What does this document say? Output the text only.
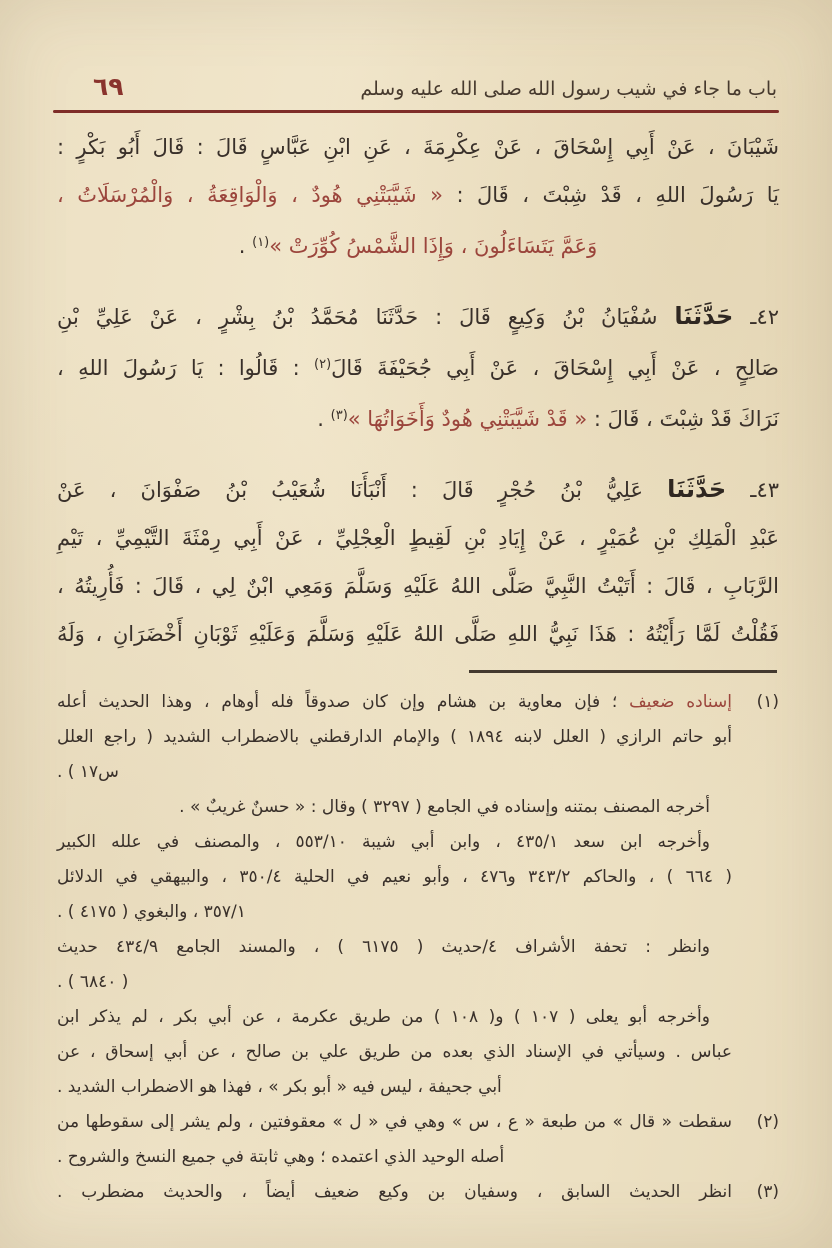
باب ما جاء في شيب رسول الله صلى الله عليه وسلم
٦٩
شَيْبَانَ ، عَنْ أَبِي إِسْحَاقَ ، عَنْ عِكْرِمَةَ ، عَنِ ابْنِ عَبَّاسٍ قَالَ : قَالَ أَبُو بَكْرٍ :
يَا رَسُولَ اللهِ ، قَدْ شِبْتَ ، قَالَ : « شَيَّبَتْنِي هُودٌ ، وَالْوَاقِعَةُ ، وَالْمُرْسَلَاتُ ،
وَعَمَّ يَتَسَاءَلُونَ ، وَإِذَا الشَّمْسُ كُوِّرَتْ »$^{(١)}$ .
٤٢ـ حَدَّثَنَا سُفْيَانُ بْنُ وَكِيعٍ قَالَ : حَدَّثَنَا مُحَمَّدُ بْنُ بِشْرٍ ، عَنْ عَلِيِّ بْنِ
صَالِحٍ ، عَنْ أَبِي إِسْحَاقَ ، عَنْ أَبِي جُحَيْفَةَ قَالَ$^{(٢)}$ : قَالُوا : يَا رَسُولَ اللهِ ،
نَرَاكَ قَدْ شِبْتَ ، قَالَ : « قَدْ شَيَّبَتْنِي هُودٌ وَأَخَوَاتُهَا »$^{(٣)}$ .
٤٣ـ حَدَّثَنَا عَلِيُّ بْنُ حُجْرٍ قَالَ : أَنْبَأَنَا شُعَيْبُ بْنُ صَفْوَانَ ، عَنْ
عَبْدِ الْمَلِكِ بْنِ عُمَيْرٍ ، عَنْ إِيَادِ بْنِ لَقِيطٍ الْعِجْلِيِّ ، عَنْ أَبِي رِمْثَةَ التَّيْمِيِّ ، تَيْمِ
الرَّبَابِ ، قَالَ : أَتَيْتُ النَّبِيَّ صَلَّى اللهُ عَلَيْهِ وَسَلَّمَ وَمَعِي ابْنٌ لِي ، قَالَ : فَأُرِيتُهُ ،
فَقُلْتُ لَمَّا رَأَيْتُهُ : هَذَا نَبِيُّ اللهِ صَلَّى اللهُ عَلَيْهِ وَسَلَّمَ وَعَلَيْهِ ثَوْبَانِ أَخْضَرَانِ ، وَلَهُ
(١)
إسناده ضعيف ؛ فإن معاوية بن هشام وإن كان صدوقاً فله أوهام ، وهذا الحديث أعله
أبو حاتم الرازي ( العلل لابنه ١٨٩٤ ) والإمام الدارقطني بالاضطراب الشديد ( راجع العلل
س١٧ ) .
أخرجه المصنف بمتنه وإسناده في الجامع ( ٣٢٩٧ ) وقال : « حسنٌ غريبٌ » .
وأخرجه ابن سعد ٤٣٥/١ ، وابن أبي شيبة ٥٥٣/١٠ ، والمصنف في علله الكبير
( ٦٦٤ ) ، والحاكم ٣٤٣/٢ و٤٧٦ ، وأبو نعيم في الحلية ٣٥٠/٤ ، والبيهقي في الدلائل
٣٥٧/١ ، والبغوي ( ٤١٧٥ ) .
وانظر : تحفة الأشراف ٤/حديث ( ٦١٧٥ ) ، والمسند الجامع ٤٣٤/٩ حديث
( ٦٨٤٠ ) .
وأخرجه أبو يعلى ( ١٠٧ ) و( ١٠٨ ) من طريق عكرمة ، عن أبي بكر ، لم يذكر ابن
عباس . وسيأتي في الإسناد الذي بعده من طريق علي بن صالح ، عن أبي إسحاق ، عن
أبي جحيفة ، ليس فيه « أبو بكر » ، فهذا هو الاضطراب الشديد .
(٢)
سقطت « قال » من طبعة « ع ، س » وهي في « ل » معقوفتين ، ولم يشر إلى سقوطها من
أصله الوحيد الذي اعتمده ؛ وهي ثابتة في جميع النسخ والشروح .
(٣)
انظر الحديث السابق ، وسفيان بن وكيع ضعيف أيضاً ، والحديث مضطرب .
